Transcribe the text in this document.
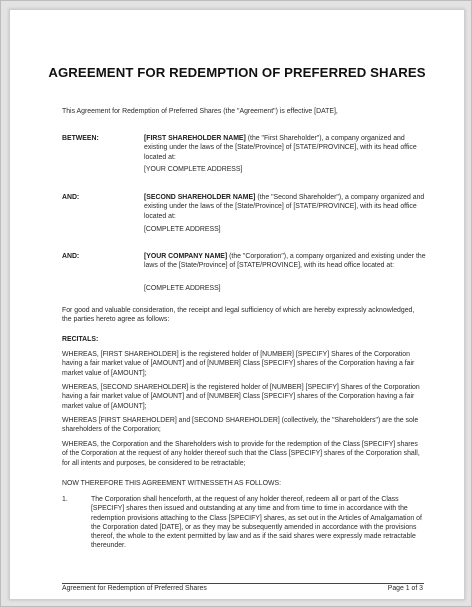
AGREEMENT FOR REDEMPTION OF PREFERRED SHARES
This Agreement for Redemption of Preferred Shares (the "Agreement") is effective [DATE],
BETWEEN:	[FIRST SHAREHOLDER NAME] (the "First Shareholder"), a company organized and existing under the laws of the [State/Province] of [STATE/PROVINCE], with its head office located at:
[YOUR COMPLETE ADDRESS]
AND:	[SECOND SHAREHOLDER NAME] (the "Second Shareholder"), a company organized and existing under the laws of the [State/Province] of [STATE/PROVINCE], with its head office located at:
[COMPLETE ADDRESS]
AND:	[YOUR COMPANY NAME] (the "Corporation"), a company organized and existing under the laws of the [State/Province] of [STATE/PROVINCE], with its head office located at:
[COMPLETE ADDRESS]
For good and valuable consideration, the receipt and legal sufficiency of which are hereby expressly acknowledged, the parties hereto agree as follows:
RECITALS:
WHEREAS, [FIRST SHAREHOLDER] is the registered holder of [NUMBER] [SPECIFY] Shares of the Corporation having a fair market value of [AMOUNT] and of [NUMBER] Class [SPECIFY] shares of the Corporation having a fair market value of [AMOUNT];
WHEREAS, [SECOND SHAREHOLDER] is the registered holder of [NUMBER] [SPECIFY] Shares of the Corporation having a fair market value of [AMOUNT] and of [NUMBER] Class [SPECIFY] shares of the Corporation having a fair market value of [AMOUNT];
WHEREAS [FIRST SHAREHOLDER] and [SECOND SHAREHOLDER] (collectively, the "Shareholders") are the sole shareholders of the Corporation;
WHEREAS, the Corporation and the Shareholders wish to provide for the redemption of the Class [SPECIFY] shares of the Corporation at the request of any holder thereof such that the Class [SPECIFY] shares of the Corporation shall, for all intents and purposes, be considered to be retractable;
NOW THEREFORE THIS AGREEMENT WITNESSETH AS FOLLOWS:
1.	The Corporation shall henceforth, at the request of any holder thereof, redeem all or part of the Class [SPECIFY] shares then issued and outstanding at any time and from time to time in accordance with the redemption provisions attaching to the Class [SPECIFY] shares, as set out in the Articles of Amalgamation of the Corporation dated [DATE], or as they may be subsequently amended in accordance with the provisions thereof, the whole to the extent permitted by law and as if the said shares were expressly made retractable thereunder.
Agreement for Redemption of Preferred Shares	Page 1 of 3
